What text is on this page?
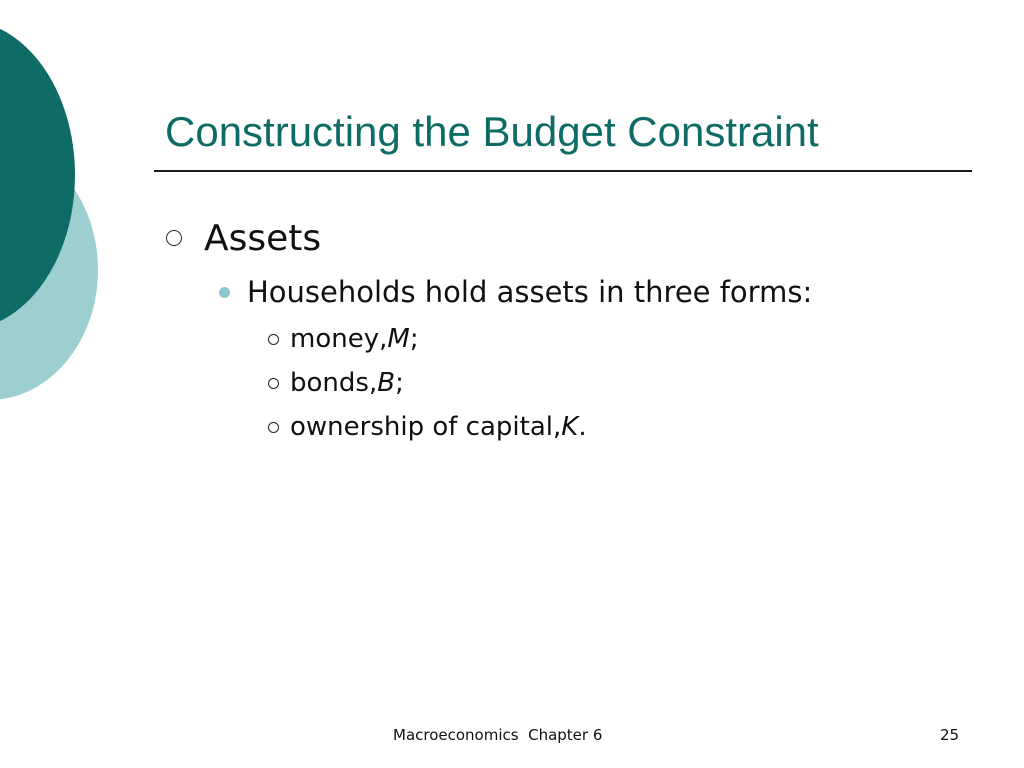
Constructing the Budget Constraint
Assets
Households hold assets in three forms:
money, M ;
bonds, B ;
ownership of capital, K .
Macroeconomics  Chapter 6	25
